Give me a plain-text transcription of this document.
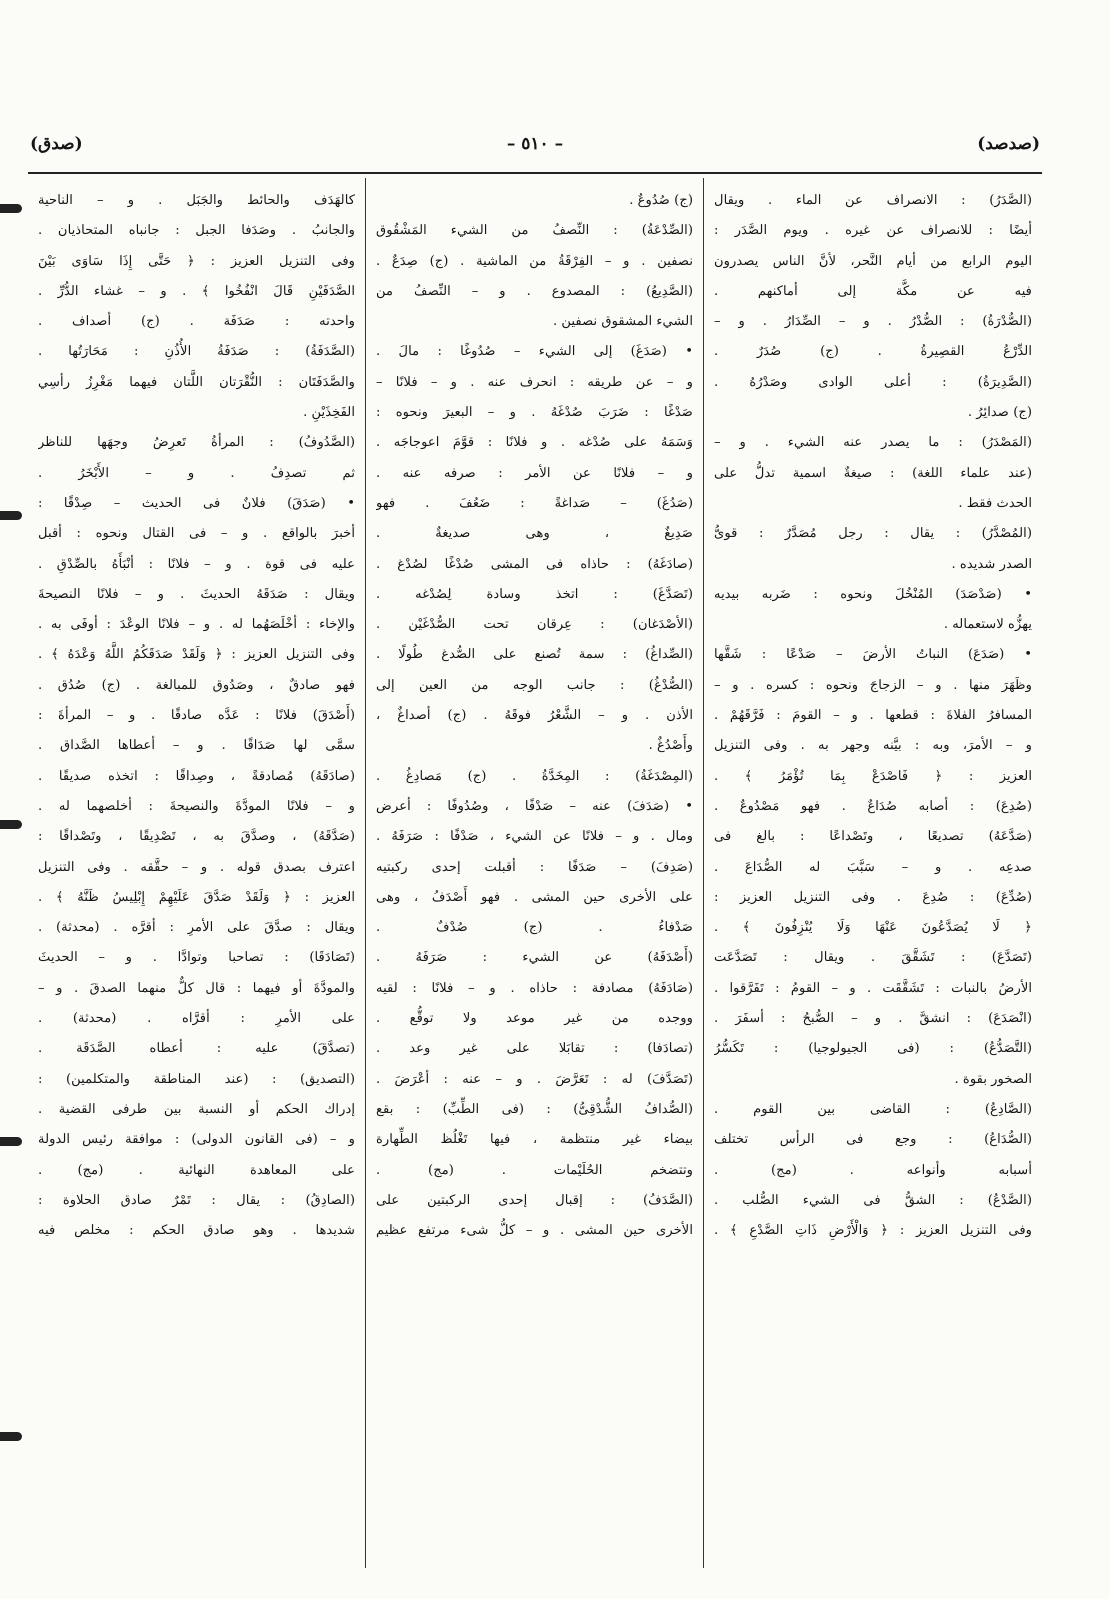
(صدصد)
– ٥١٠ –
(صدق)
(الصَّدَرُ) : الانصراف عن الماء . ويقال
أيضًا : للانصراف عن غيره . ويوم الصَّدَر :
اليوم الرابع من أيام النَّحر، لأنَّ الناس يصدرون
فيه عن مكَّة إلى أماكنهم .
(الصُّدْرَةُ) : الصُّدْرُ . و – الصِّدَارُ . و –
الدِّرْعُ القصِيرةُ . (ج) صُدَرٌ .
(الصَّدِيرَةُ) : أعلى الوادى وصَدْرُهُ .
(ج) صدائِرُ .
(المَصْدَرُ) : ما يصدر عنه الشيء . و –
(عند علماء اللغة) : صيغةٌ اسمية تدلُّ على
الحدث فقط .
(المُصْدَّرُ) : يقال : رجل مُصَدَّرٌ : قوىُّ
الصدر شديده .
• (صَدْصَدَ) المُنْخُلَ ونحوه : ضَربه بيديه
يهزُّه لاستعماله .
• (صَدَعَ) النباتُ الأرضَ – صَدْعًا : شَقَّها
وظَهَرَ منها . و – الزجاجَ ونحوه : كسره . و –
المسافرُ الفلاةَ : قطعها . و – القومَ : فَرَّقَهُمْ .
و – الأمرَ، وبه : بيَّنه وجهر به . وفى التنزيل
العزيز : ﴿ فَاصْدَعْ بِمَا تُؤْمَرُ ﴾ .
(صُدِعَ) : أصابه صُدَاعٌ . فهو مَصْدُوعٌ .
(صَدَّعَهُ) تصديعًا ، وتَصْداعًا : بالغ فى
صدعِه . و – سَبَّبَ له الصُّدَاعَ .
(صُدِّعَ) : صُدِعَ . وفى التنزيل العزيز :
﴿ لَا يُصَدَّعُونَ عَنْهَا وَلَا يُنْزِفُونَ ﴾ .
(تَصَدَّعَ) : تَشَقَّقَ . ويقال : تَصَدَّعَت
الأرضُ بالنبات : تَشَقَّقَت . و – القومُ : تَفَرَّقوا .
(انْصَدَعَ) : انشقَّ . و – الصُّبحُ : أسفَرَ .
(التَّصَدُّعُ) : (فى الجيولوجيا) : تَكَسُّرُ
الصخور بقوة .
(الصَّادِعُ) : القاضى بين القوم .
(الصُّدَاعُ) : وجع فى الرأس تختلف
أسبابه وأنواعه . (مج) .
(الصَّدْعُ) : الشقُّ فى الشيء الصُّلب .
وفى التنزيل العزيز : ﴿ وَالْأَرْضِ ذَاتِ الصَّدْعِ ﴾ .
(ج) صُدُوعٌ .
(الصِّدْعَةُ) : النِّصفُ من الشيء المَشْقُوق
نصفين . و – الفِرْقَةُ من الماشية . (ج) صِدَعٌ .
(الصَّدِيعُ) : المصدوع . و – النِّصفُ من
الشيء المشقوق نصفين .
• (صَدَغَ) إلى الشيء – صُدُوغًا : مالَ .
و – عن طريقه : انحرف عنه . و – فلانًا –
صَدْغًا : ضَرَبَ صُدْغَهُ . و – البعيرَ ونحوه :
وَسَمَهُ على صُدْغه . و فلانًا : قوَّمَ اعوجاجَه .
و – فلانًا عن الأمر : صرفه عنه .
(صَدُغَ) – صَداغةً : ضَعُفَ . فهو
صَدِيغٌ ، وهى صديغةٌ .
(صادَغَهُ) : حاذاه فى المشى صُدْغًا لصُدْغ .
(تَصَدَّغَ) : اتخذ وسادة لِصُدْغه .
(الأصْدَغان) : عِرقان تحت الصُّدْغَيْن .
(الصِّداغُ) : سمة تُصنع على الصُّدغ طُولًا .
(الصُّدْغُ) : جانب الوجه من العين إلى
الأذن . و – الشَّعْرُ فوقَهُ . (ج) أصداغٌ ،
وأَصْدُغٌ .
(المِصْدَغَةُ) : المِخَدَّةُ . (ج) مَصادِغُ .
• (صَدَفَ) عنه – صَدْفًا ، وصُدُوفًا : أعرض
ومال . و – فلانًا عن الشيء ، صَدْفًا : صَرَفَهُ .
(صَدِفَ) – صَدَفًا : أقبلت إحدى ركبتيه
على الأخرى حين المشى . فهو أَصْدَفُ ، وهى
صَدْفاءُ . (ج) صُدْفٌ .
(أَصْدَفَهُ) عن الشيء : صَرَفَهُ .
(صَادَفَهُ) مصادفة : حاذاه . و – فلانًا : لقيه
ووجده من غير موعد ولا توقُّع .
(تصادَفا) : تقابَلا على غير وعد .
(تَصَدَّفَ) له : تَعَرَّضَ . و – عنه : أعْرَضَ .
(الصُّدافُ الشُّدْقِىُّ) : (فى الطِّبِّ) : بقع
بيضاء غير منتظمة ، فيها تَغْلُظ الطِّهارة
وتتضخم الحُلَيْمات . (مج) .
(الصَّدَفُ) : إقبال إحدى الركبتين على
الأخرى حين المشى . و – كلُّ شىء مرتفع عظيم
كالهَدَف والحائط والجَبَل . و – الناحية
والجانبُ . وصَدَفا الجبل : جانباه المتحاذيان .
وفى التنزيل العزيز : ﴿ حَتَّى إِذَا سَاوَى بَيْنَ
الصَّدَفَيْنِ قَالَ انْفُخُوا ﴾ . و – غشاء الدُّرِّ .
واحدته : صَدَفَة . (ج) أصداف .
(الصَّدَفَةُ) : صَدَفَةُ الأُذُنِ : مَحَارَتُها .
والصَّدَفَتَان : النُّقْرَتان اللَّتان فيهما مَغْرِزُ رأسِي
الفَخِذَيْنِ .
(الصَّدُوفُ) : المرأةُ تَعرِضُ وجهَها للناظر
ثم تصدِفُ . و – الأَبْخَرُ .
• (صَدَقَ) فلانٌ فى الحديث – صِدْقًا :
أخبرَ بالواقع . و – فى القتال ونحوه : أقبل
عليه فى قوة . و – فلانًا : أنْبَأَهُ بالصِّدْقِ .
ويقال : صَدَقَهُ الحديثَ . و – فلانًا النصيحةَ
والإخاء : أخْلَصَهُما له . و – فلانًا الوعْدَ : أوفَى به .
وفى التنزيل العزيز : ﴿ وَلَقَدْ صَدَقَكُمُ اللَّهُ وَعْدَهُ ﴾ .
فهو صادقٌ ، وصَدُوق للمبالغة . (ج) صُدُق .
(أَصْدَقَ) فلانًا : عَدَّه صادقًا . و – المرأةَ :
سمَّى لها صَدَاقًا . و – أعطاها الصَّداق .
(صادَقَهُ) مُصادقةً ، وصِداقًا : اتخذه صديقًا .
و – فلانًا المودَّةَ والنصيحةَ : أخلصهما له .
(صَدَّقَهُ) ، وصدَّقَ به ، تَصْدِيقًا ، وتَصْداقًا :
اعترف بصدق قوله . و – حقَّقه . وفى التنزيل
العزيز : ﴿ وَلَقَدْ صَدَّقَ عَلَيْهِمْ إِبْلِيسُ ظَنَّهُ ﴾ .
ويقال : صدَّقَ على الأمرِ : أقرَّه . (محدثة) .
(تَصَادَقَا) : تصاحبا وتوادَّا . و – الحديثَ
والمودَّةَ أو فيهما : قال كلٌّ منهما الصدقَ . و –
على الأمرِ : أقرَّاه . (محدثة) .
(تصدَّقَ) عليه : أعطاه الصَّدَقَة .
(التصديق) : (عند المناطقة والمتكلمين) :
إدراك الحكم أو النسبة بين طرفى القضية .
و – (فى القانون الدولى) : موافقة رئيس الدولة
على المعاهدة النهائية . (مج) .
(الصادِقُ) : يقال : تَمْرٌ صادق الحلاوة :
شديدها . وهو صادق الحكم : مخلص فيه
